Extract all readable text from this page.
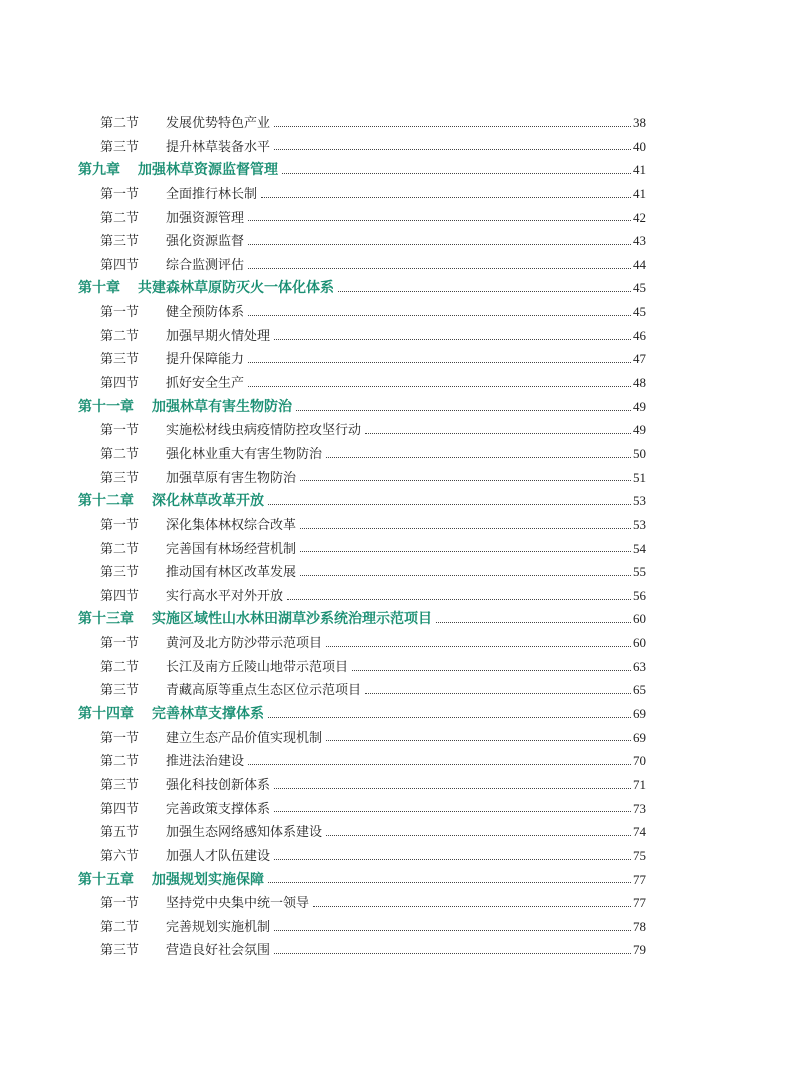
第二节	发展优势特色产业	38
第三节	提升林草装备水平	40
第九章 加强林草资源监督管理	41
第一节	全面推行林长制	41
第二节	加强资源管理	42
第三节	强化资源监督	43
第四节	综合监测评估	44
第十章 共建森林草原防灭火一体化体系	45
第一节	健全预防体系	45
第二节	加强早期火情处理	46
第三节	提升保障能力	47
第四节	抓好安全生产	48
第十一章 加强林草有害生物防治	49
第一节	实施松材线虫病疫情防控攻坚行动	49
第二节	强化林业重大有害生物防治	50
第三节	加强草原有害生物防治	51
第十二章 深化林草改革开放	53
第一节	深化集体林权综合改革	53
第二节	完善国有林场经营机制	54
第三节	推动国有林区改革发展	55
第四节	实行高水平对外开放	56
第十三章 实施区域性山水林田湖草沙系统治理示范项目	60
第一节	黄河及北方防沙带示范项目	60
第二节	长江及南方丘陵山地带示范项目	63
第三节	青藏高原等重点生态区位示范项目	65
第十四章 完善林草支撑体系	69
第一节	建立生态产品价值实现机制	69
第二节	推进法治建设	70
第三节	强化科技创新体系	71
第四节	完善政策支撑体系	73
第五节	加强生态网络感知体系建设	74
第六节	加强人才队伍建设	75
第十五章 加强规划实施保障	77
第一节	坚持党中央集中统一领导	77
第二节	完善规划实施机制	78
第三节	营造良好社会氛围	79
